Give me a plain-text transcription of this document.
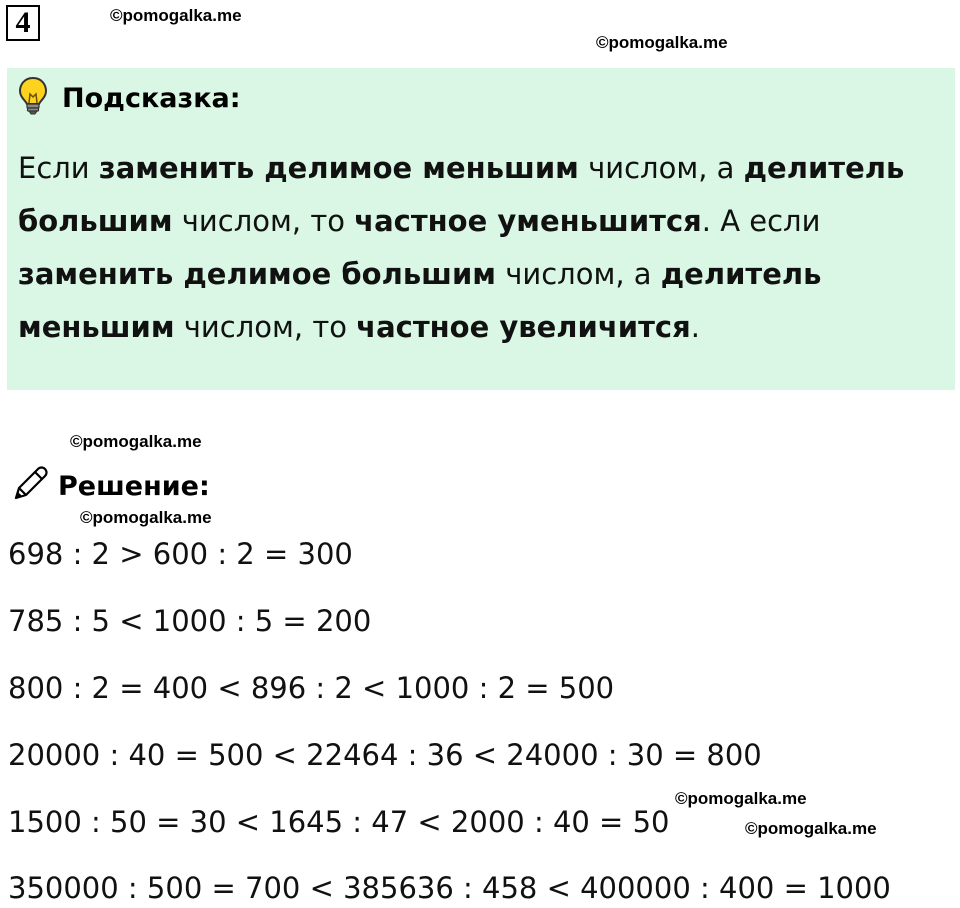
4	©pomogalka.me
©pomogalka.me
Подсказка:
Если заменить делимое меньшим числом, а делитель большим числом, то частное уменьшится. А если заменить делимое большим числом, а делитель меньшим числом, то частное увеличится.
©pomogalka.me
Решение:
©pomogalka.me
698 : 2 > 600 : 2 = 300
785 : 5 < 1000 : 5 = 200
800 : 2 = 400 < 896 : 2 < 1000 : 2 = 500
20000 : 40 = 500 < 22464 : 36 < 24000 : 30 = 800
1500 : 50 = 30 < 1645 : 47 < 2000 : 40 = 50
350000 : 500 = 700 < 385636 : 458 < 400000 : 400 = 1000
©pomogalka.me
©pomogalka.me
